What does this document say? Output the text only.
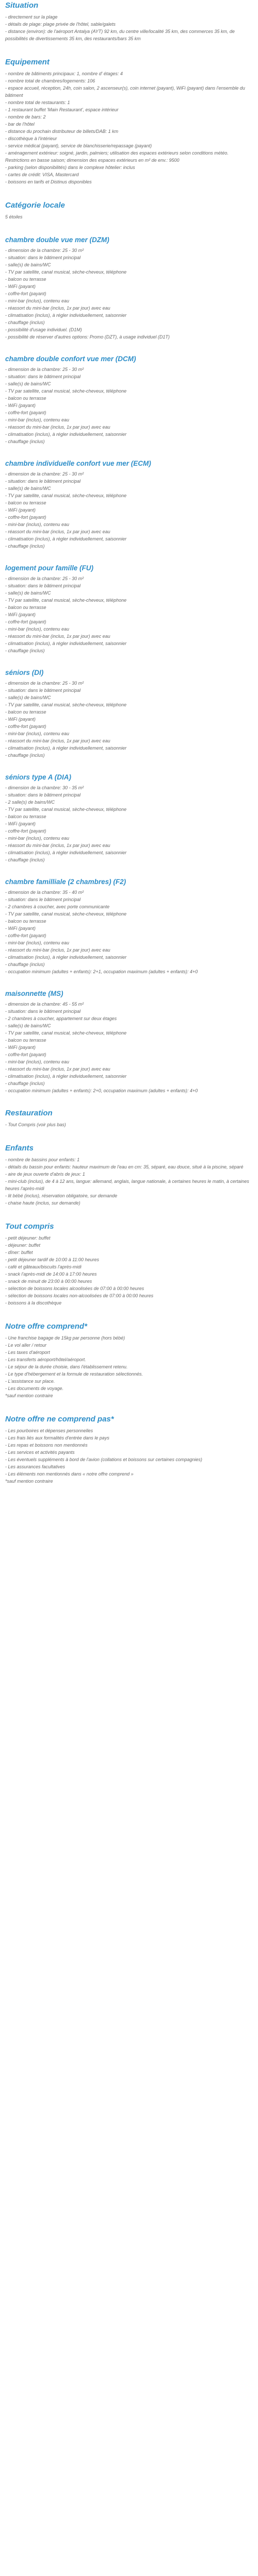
Situation
- directement sur la plage
- détails de plage: plage privée de l'hôtel, sable/galets
- distance (environ): de l'aéroport Antalya (AYT) 92 km, du centre ville/localité 35 km, des commerces 35 km, de possibilités de divertissements 35 km, des restaurants/bars 35 km
Equipement
- nombre de bâtiments principaux: 1, nombre d' étages: 4
- nombre total de chambres/logements: 106
- espace accueil, réception, 24h, coin salon, 2 ascenseur(s), coin internet (payant), WiFi (payant) dans l'ensemble du bâtiment
- nombre total de restaurants: 1
- 1 restaurant buffet 'Main Restaurant', espace intérieur
- nombre de bars: 2
- bar de l'hôtel
- distance du prochain distributeur de billets/DAB: 1 km
- discothèque à l'intérieur
- service médical (payant), service de blanchisserie/repassage (payant)
- aménagement extérieur: soigné, jardin, palmiers; utilisation des espaces extérieurs selon conditions météo. Restrictions en basse saison; dimension des espaces extérieurs en m² de env.: 9500
- parking (selon disponibilités) dans le complexe hôtelier: inclus
- cartes de crédit: VISA, Mastercard
- boissons en tarifs et Distinus disponibles
Catégorie locale

5 étoiles

chambre double vue mer (DZM)
- dimension de la chambre: 25 - 30 m²
- situation: dans le bâtiment principal
- salle(s) de bains/WC
- TV par satellite, canal musical, sèche-cheveux, téléphone
- balcon ou terrasse
- WiFi (payant)
- coffre-fort (payant)
- mini-bar (inclus), contenu eau
- réassort du mini-bar (inclus, 1x par jour) avec eau
- climatisation (inclus), à régler individuellement, saisonnier
- chauffage (inclus)
- possibilité d'usage individuel. (D1M)
- possibilité de réserver d'autres options: Promo (DZT), à usage individuel (D1T)
chambre double confort vue mer (DCM)
- dimension de la chambre: 25 - 30 m²
- situation: dans le bâtiment principal
- salle(s) de bains/WC
- TV par satellite, canal musical, sèche-cheveux, téléphone
- balcon ou terrasse
- WiFi (payant)
- coffre-fort (payant)
- mini-bar (inclus), contenu eau
- réassort du mini-bar (inclus, 1x par jour) avec eau
- climatisation (inclus), à régler individuellement, saisonnier
- chauffage (inclus)
chambre individuelle confort vue mer (ECM)
- dimension de la chambre: 25 - 30 m²
- situation: dans le bâtiment principal
- salle(s) de bains/WC
- TV par satellite, canal musical, sèche-cheveux, téléphone
- balcon ou terrasse
- WiFi (payant)
- coffre-fort (payant)
- mini-bar (inclus), contenu eau
- réassort du mini-bar (inclus, 1x par jour) avec eau
- climatisation (inclus), à régler individuellement, saisonnier
- chauffage (inclus)
logement pour famille (FU)
- dimension de la chambre: 25 - 30 m²
- situation: dans le bâtiment principal
- salle(s) de bains/WC
- TV par satellite, canal musical, sèche-cheveux, téléphone
- balcon ou terrasse
- WiFi (payant)
- coffre-fort (payant)
- mini-bar (inclus), contenu eau
- réassort du mini-bar (inclus, 1x par jour) avec eau
- climatisation (inclus), à régler individuellement, saisonnier
- chauffage (inclus)
séniors (DI)
- dimension de la chambre: 25 - 30 m²
- situation: dans le bâtiment principal
- salle(s) de bains/WC
- TV par satellite, canal musical, sèche-cheveux, téléphone
- balcon ou terrasse
- WiFi (payant)
- coffre-fort (payant)
- mini-bar (inclus), contenu eau
- réassort du mini-bar (inclus, 1x par jour) avec eau
- climatisation (inclus), à régler individuellement, saisonnier
- chauffage (inclus)
séniors type A (DIA)
- dimension de la chambre: 30 - 35 m²
- situation: dans le bâtiment principal
- 2 salle(s) de bains/WC
- TV par satellite, canal musical, sèche-cheveux, téléphone
- balcon ou terrasse
- WiFi (payant)
- coffre-fort (payant)
- mini-bar (inclus), contenu eau
- réassort du mini-bar (inclus, 1x par jour) avec eau
- climatisation (inclus), à régler individuellement, saisonnier
- chauffage (inclus)
chambre familliale (2 chambres) (F2)
- dimension de la chambre: 35 - 40 m²
- situation: dans le bâtiment principal
- 2 chambres à coucher, avec porte communicante
- TV par satellite, canal musical, sèche-cheveux, téléphone
- balcon ou terrasse
- WiFi (payant)
- coffre-fort (payant)
- mini-bar (inclus), contenu eau
- réassort du mini-bar (inclus, 1x par jour) avec eau
- climatisation (inclus), à régler individuellement, saisonnier
- chauffage (inclus)
- occupation minimum (adultes + enfants): 2+1, occupation maximum (adultes + enfants): 4+0
maisonnette (MS)
- dimension de la chambre: 45 - 55 m²
- situation: dans le bâtiment principal
- 2 chambres à coucher, appartement sur deux étages
- salle(s) de bains/WC
- TV par satellite, canal musical, sèche-cheveux, téléphone
- balcon ou terrasse
- WiFi (payant)
- coffre-fort (payant)
- mini-bar (inclus), contenu eau
- réassort du mini-bar (inclus, 1x par jour) avec eau
- climatisation (inclus), à régler individuellement, saisonnier
- chauffage (inclus)
- occupation minimum (adultes + enfants): 2+0, occupation maximum (adultes + enfants): 4+0
Restauration
- Tout Compris (voir plus bas)
Enfants
- nombre de bassins pour enfants: 1
- détails du bassin pour enfants: hauteur maximum de l'eau en cm: 35, séparé, eau douce, situé à la piscine, séparé
- aire de jeux ouverte d'abris de jeux: 1
- mini-club (inclus), de 4 à 12 ans, langue: allemand, anglais, langue nationale, à certaines heures le matin, à certaines heures l'après-midi
- lit bébé (inclus), réservation obligatoire, sur demande
- chaise haute (inclus, sur demande)
Tout compris
- petit déjeuner: buffet
- déjeuner: buffet
- dîner: buffet
- petit déjeuner tardif de 10:00 à 11:00 heures
- café et gâteaux/biscuits l'après-midi
- snack l'après-midi de 14:00 à 17:00 heures
- snack de minuit de 23:00 à 00:00 heures
- sélection de boissons locales alcoolisées de 07:00 à 00:00 heures
- sélection de boissons locales non-alcoolisées de 07:00 à 00:00 heures
- boissons à la discothèque
Notre offre comprend*
- Une franchise bagage de 15kg par personne (hors bébé)
- Le vol aller / retour
- Les taxes d'aéroport
- Les transferts aéroport/hôtel/aéroport.
- Le séjour de la durée choisie, dans l'établissement retenu.
- Le type d'hébergement et la formule de restauration sélectionnés.
- L'assistance sur place.
- Les documents de voyage.
*sauf mention contraire
Notre offre ne comprend pas*
- Les pourboires et dépenses personnelles
- Les frais liés aux formalités d'entrée dans le pays
- Les repas et boissons non mentionnés
- Les services et activités payants
- Les éventuels suppléments à bord de l'avion (collations et boissons sur certaines compagnies)
- Les assurances facultatives
- Les éléments non mentionnés dans « notre offre comprend »
*sauf mention contraire
